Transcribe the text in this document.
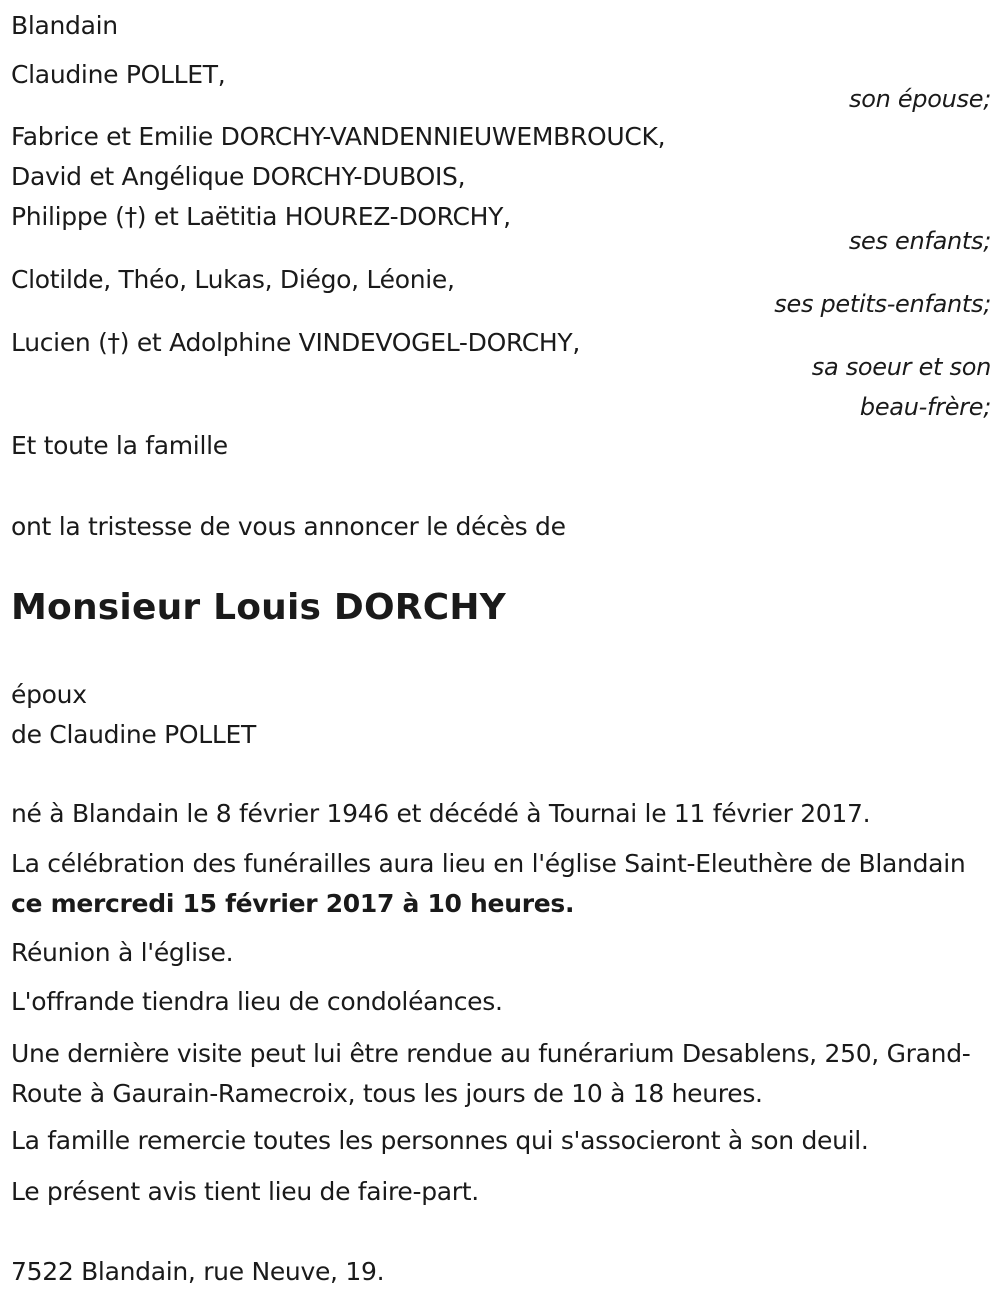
Blandain
Claudine POLLET,
son épouse;
Fabrice et Emilie DORCHY-VANDENNIEUWEMBROUCK,
David et Angélique DORCHY-DUBOIS,
Philippe (†) et Laëtitia HOUREZ-DORCHY,
ses enfants;
Clotilde, Théo, Lukas, Diégo, Léonie,
ses petits-enfants;
Lucien (†) et Adolphine VINDEVOGEL-DORCHY,
sa soeur et son
beau-frère;
Et toute la famille
ont la tristesse de vous annoncer le décès de
Monsieur Louis DORCHY
époux
de Claudine POLLET
né à Blandain le 8 février 1946 et décédé à Tournai le 11 février 2017.
La célébration des funérailles aura lieu en l'église Saint-Eleuthère de Blandain ce mercredi 15 février 2017 à 10 heures.
Réunion à l'église.
L'offrande tiendra lieu de condoléances.
Une dernière visite peut lui être rendue au funérarium Desablens, 250, Grand-Route à Gaurain-Ramecroix, tous les jours de 10 à 18 heures.
La famille remercie toutes les personnes qui s'associeront à son deuil.
Le présent avis tient lieu de faire-part.
7522 Blandain, rue Neuve, 19.
